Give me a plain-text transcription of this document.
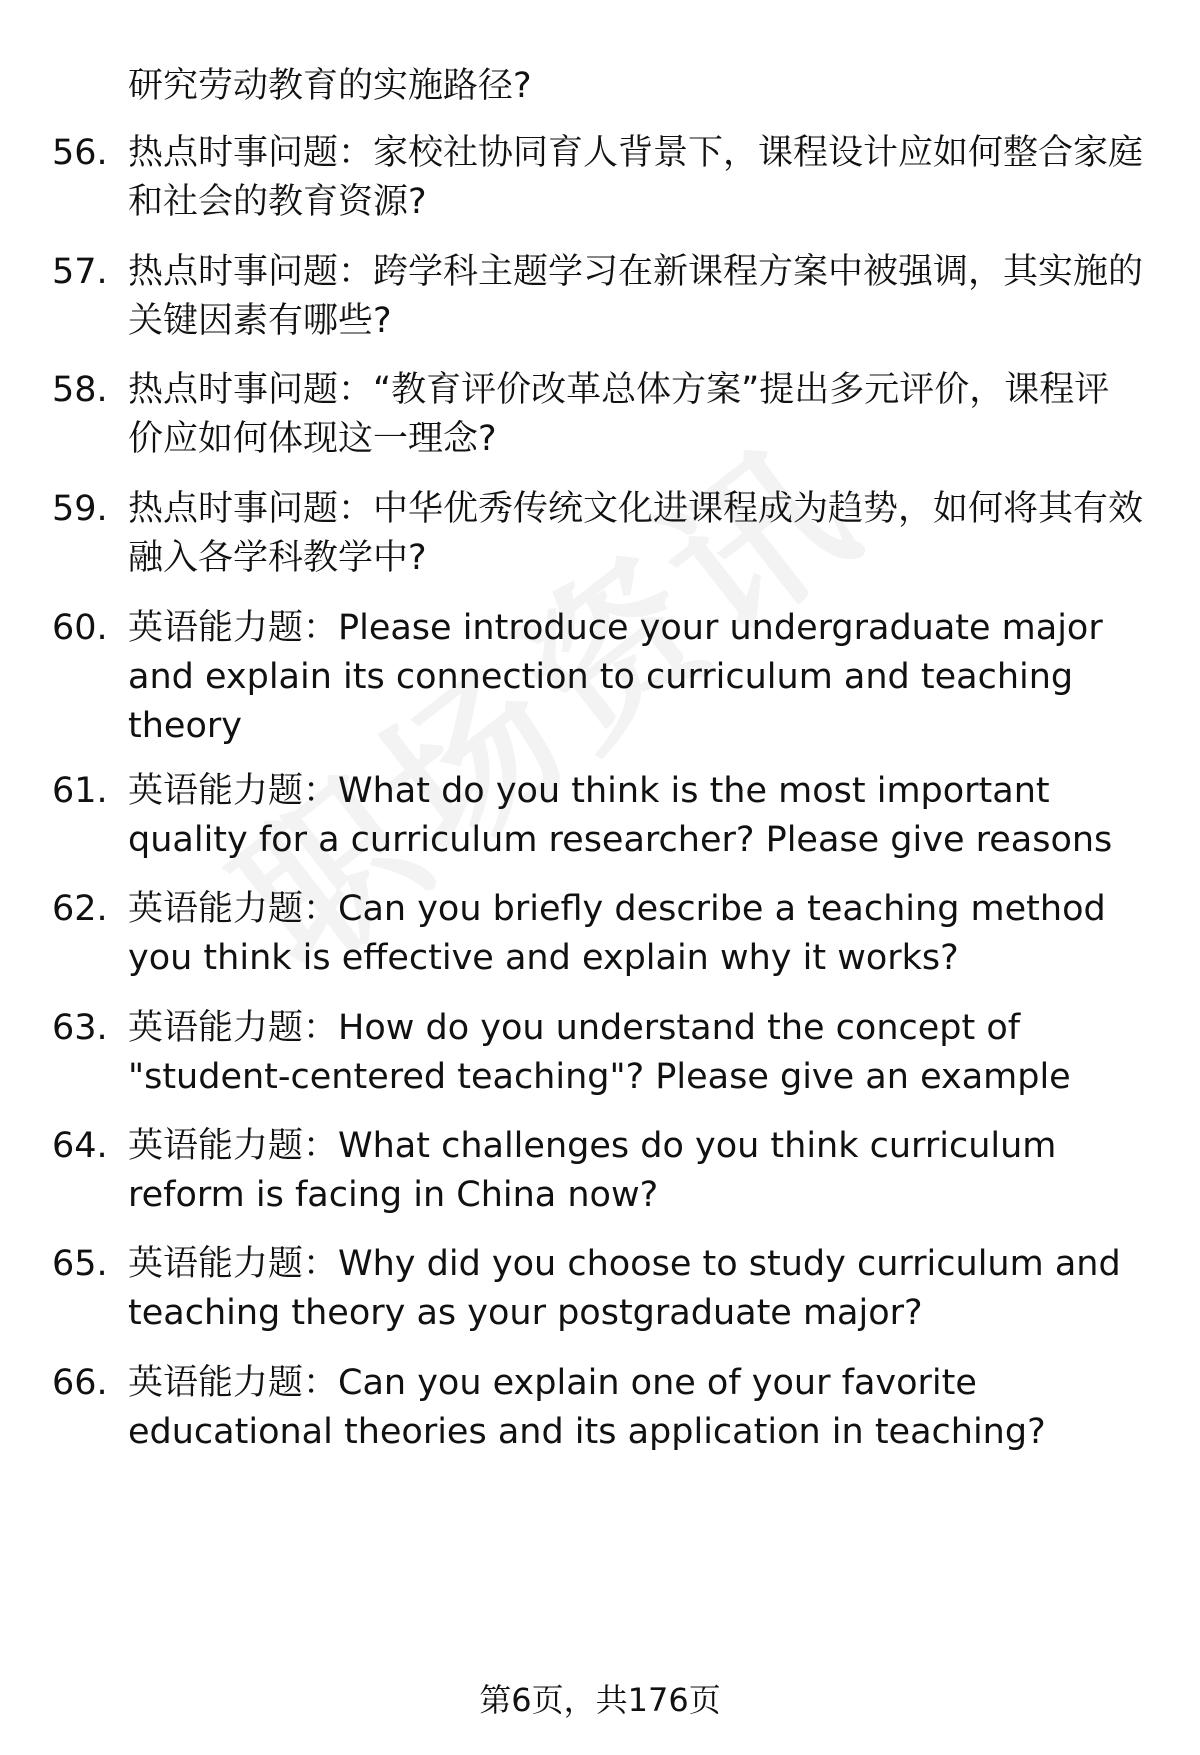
研究劳动教育的实施路径?
56. 热点时事问题：家校社协同育人背景下，课程设计应如何整合家庭和社会的教育资源?
57. 热点时事问题：跨学科主题学习在新课程方案中被强调，其实施的关键因素有哪些?
58. 热点时事问题：“教育评价改革总体方案”提出多元评价，课程评价应如何体现这一理念?
59. 热点时事问题：中华优秀传统文化进课程成为趋势，如何将其有效融入各学科教学中?
60. 英语能力题：Please introduce your undergraduate major and explain its connection to curriculum and teaching theory
61. 英语能力题：What do you think is the most important quality for a curriculum researcher? Please give reasons
62. 英语能力题：Can you briefly describe a teaching method you think is effective and explain why it works?
63. 英语能力题：How do you understand the concept of "student-centered teaching"? Please give an example
64. 英语能力题：What challenges do you think curriculum reform is facing in China now?
65. 英语能力题：Why did you choose to study curriculum and teaching theory as your postgraduate major?
66. 英语能力题：Can you explain one of your favorite educational theories and its application in teaching?
第6页，共176页
